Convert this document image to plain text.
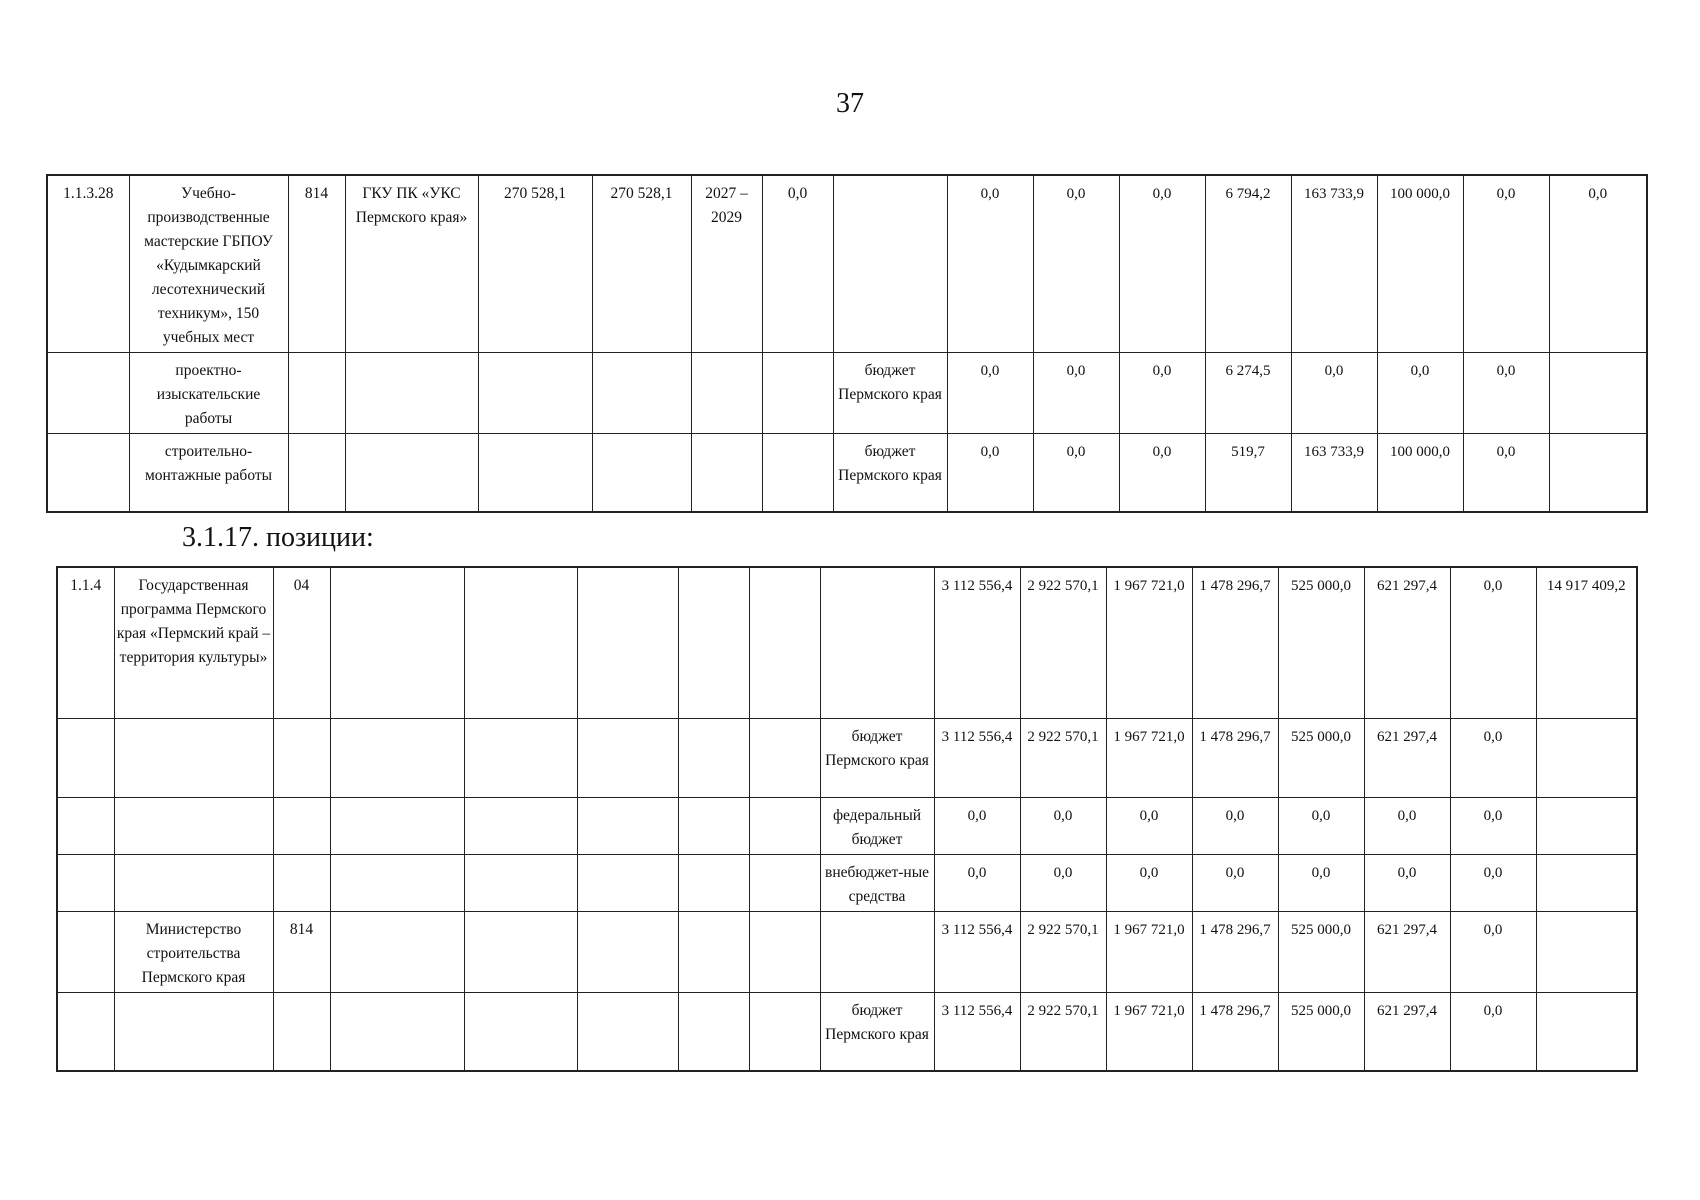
37
1.1.3.28	Учебно-производственные мастерские ГБПОУ «Кудымкарский лесотехнический техникум», 150 учебных мест	814	ГКУ ПК «УКС Пермского края»	270 528,1	270 528,1	2027 – 2029	0,0		0,0	0,0	0,0	6 794,2	163 733,9	100 000,0	0,0	0,0
	проектно-изыскательские работы							бюджет Пермского края	0,0	0,0	0,0	6 274,5	0,0	0,0	0,0	
	строительно-монтажные работы							бюджет Пермского края	0,0	0,0	0,0	519,7	163 733,9	100 000,0	0,0	
3.1.17. позиции:
1.1.4	Государственная программа Пермского края «Пермский край – территория культуры»	04							3 112 556,4	2 922 570,1	1 967 721,0	1 478 296,7	525 000,0	621 297,4	0,0	14 917 409,2
								бюджет Пермского края	3 112 556,4	2 922 570,1	1 967 721,0	1 478 296,7	525 000,0	621 297,4	0,0	
								федеральный бюджет	0,0	0,0	0,0	0,0	0,0	0,0	0,0	
								внебюджет-ные средства	0,0	0,0	0,0	0,0	0,0	0,0	0,0	
	Министерство строительства Пермского края	814							3 112 556,4	2 922 570,1	1 967 721,0	1 478 296,7	525 000,0	621 297,4	0,0	
								бюджет Пермского края	3 112 556,4	2 922 570,1	1 967 721,0	1 478 296,7	525 000,0	621 297,4	0,0	
